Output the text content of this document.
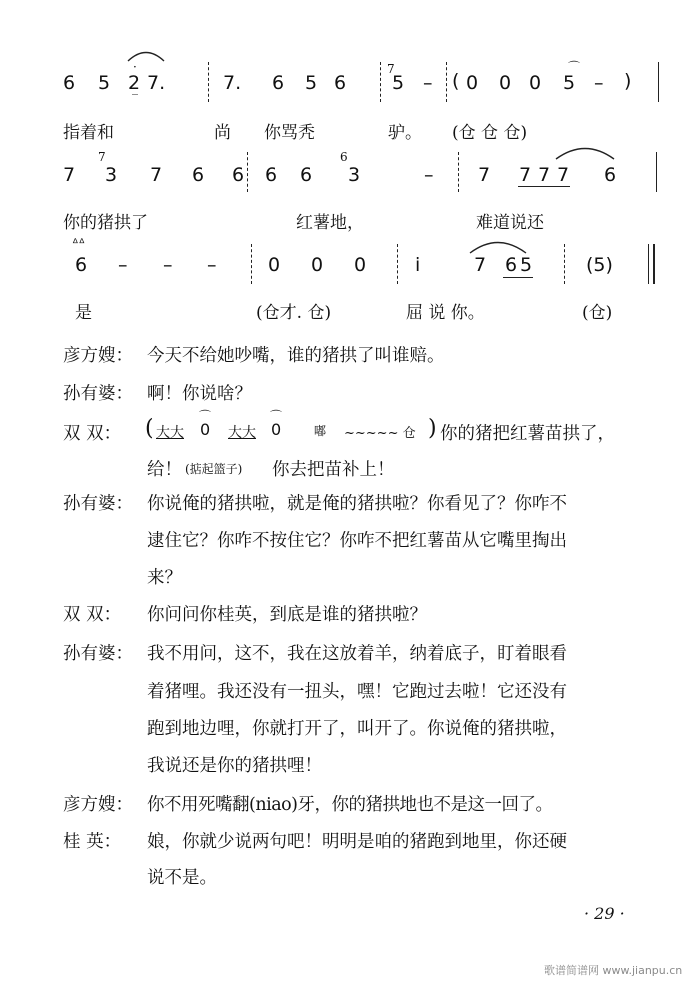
6 5 2 7.	7. 6 5 6 5 – ( 0 0 0 5 – )
·
‾
⌒
7
指着和	尚 你骂秃	驴。 (仓 仓 仓)
7 3 7 6 6 6 6 3	– 7 7 7 7 6
7	6
你的猪拱了	红薯地，	难道说还
ᐞᐞ
6 – – –	0 0 0	i	7 6 5	(5)
是	(仓才. 仓)	屈 说 你。	(仓)
彦方嫂： 今天不给她吵嘴，谁的猪拱了叫谁赔。
孙有婆： 啊！你说啥？
双 双： ( 大大 0
⌒
大大 0
⌒
嘟 ~~~~~ 仓 ) 你的猪把红薯苗拱了，
给！ (掂起篮子) 你去把苗补上！
孙有婆： 你说俺的猪拱啦，就是俺的猪拱啦？你看见了？你咋不
逮住它？你咋不按住它？你咋不把红薯苗从它嘴里掏出
来？
双 双： 你问问你桂英，到底是谁的猪拱啦？
孙有婆： 我不用问，这不，我在这放着羊，纳着底子，盯着眼看
着猪哩。我还没有一扭头，嘿！它跑过去啦！它还没有
跑到地边哩，你就打开了，叫开了。你说俺的猪拱啦，
我说还是你的猪拱哩！
彦方嫂： 你不用死嘴翻(niao)牙，你的猪拱地也不是这一回了。
桂 英： 娘，你就少说两句吧！明明是咱的猪跑到地里，你还硬
说不是。
· 29 ·
歌谱简谱网 www.jianpu.cn
